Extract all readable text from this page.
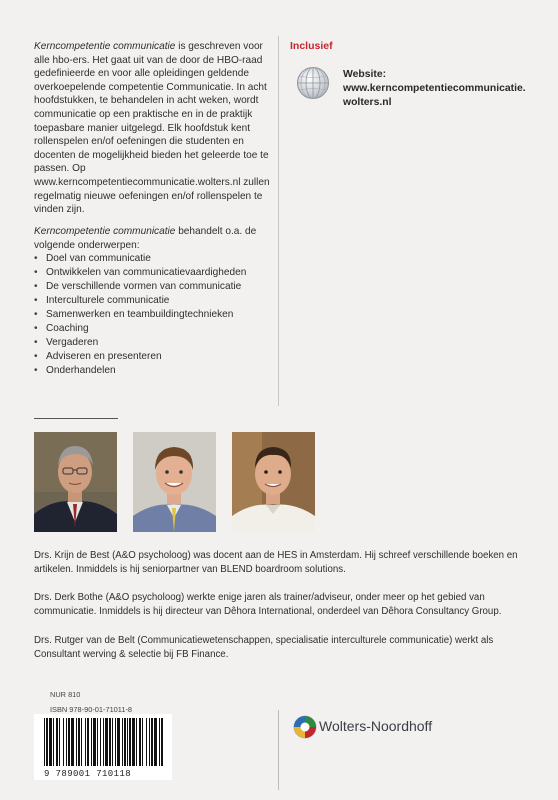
Kerncompetentie communicatie is geschreven voor alle hbo-ers. Het gaat uit van de door de HBO-raad gedefinieerde en voor alle opleidingen geldende overkoepelende competentie Communicatie. In acht hoofdstukken, te behandelen in acht weken, wordt communicatie op een praktische en in de praktijk toepasbare manier uitgelegd. Elk hoofdstuk kent rollenspelen en/of oefeningen die studenten en docenten de mogelijkheid bieden het geleerde toe te passen. Op www.kerncompetentiecommunicatie.wolters.nl zullen regelmatig nieuwe oefeningen en/of rollenspelen te vinden zijn.
Kerncompetentie communicatie behandelt o.a. de volgende onderwerpen:
• Doel van communicatie
• Ontwikkelen van communicatievaardigheden
• De verschillende vormen van communicatie
• Interculturele communicatie
• Samenwerken en teambuildingtechnieken
• Coaching
• Vergaderen
• Adviseren en presenteren
• Onderhandelen
Inclusief
Website:
www.kerncompetentiecommunicatie.
wolters.nl
Drs. Krijn de Best (A&O psycholoog) was docent aan de HES in Amsterdam. Hij schreef verschillende boeken en artikelen. Inmiddels is hij seniorpartner van BLEND boardroom solutions.
Drs. Derk Bothe (A&O psycholoog) werkte enige jaren als trainer/adviseur, onder meer op het gebied van communicatie. Inmiddels is hij directeur van Dêhora International, onderdeel van Dêhora Consultancy Group.
Drs. Rutger van de Belt (Communicatiewetenschappen, specialisatie interculturele communicatie) werkt als Consultant werving & selectie bij FB Finance.
NUR 810
ISBN 978-90-01-71011-8
9 789001 710118
Wolters-Noordhoff
